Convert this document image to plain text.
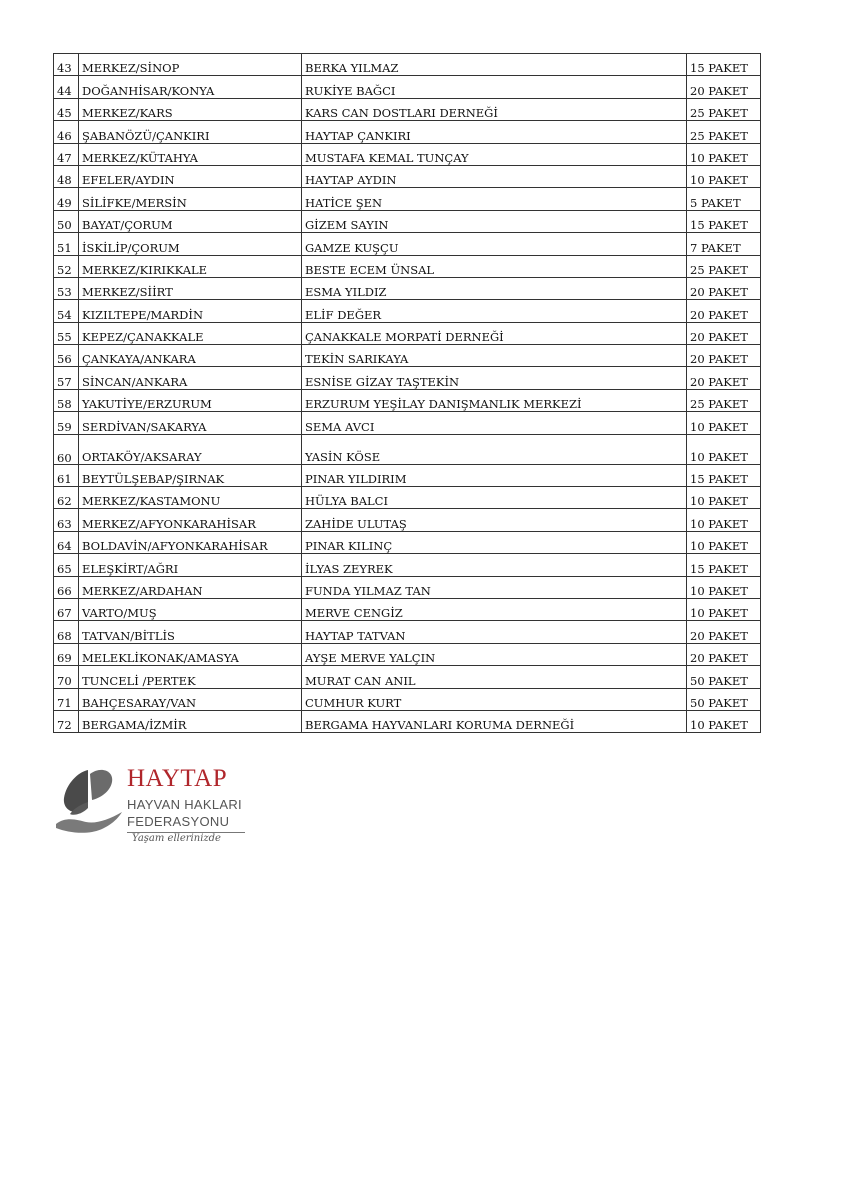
43	MERKEZ/SİNOP	BERKA YILMAZ	15 PAKET
44	DOĞANHİSAR/KONYA	RUKİYE BAĞCI	20 PAKET
45	MERKEZ/KARS	KARS CAN DOSTLARI DERNEĞİ	25 PAKET
46	ŞABANÖZÜ/ÇANKIRI	HAYTAP ÇANKIRI	25 PAKET
47	MERKEZ/KÜTAHYA	MUSTAFA KEMAL TUNÇAY	10 PAKET
48	EFELER/AYDIN	HAYTAP AYDIN	10 PAKET
49	SİLİFKE/MERSİN	HATİCE ŞEN	5 PAKET
50	BAYAT/ÇORUM	GİZEM SAYIN	15 PAKET
51	İSKİLİP/ÇORUM	GAMZE KUŞÇU	7 PAKET
52	MERKEZ/KIRIKKALE	BESTE ECEM ÜNSAL	25 PAKET
53	MERKEZ/SİİRT	ESMA YILDIZ	20 PAKET
54	KIZILTEPE/MARDİN	ELİF DEĞER	20 PAKET
55	KEPEZ/ÇANAKKALE	ÇANAKKALE MORPATİ DERNEĞİ	20 PAKET
56	ÇANKAYA/ANKARA	TEKİN SARIKAYA	20 PAKET
57	SİNCAN/ANKARA	ESNİSE GİZAY TAŞTEKİN	20 PAKET
58	YAKUTİYE/ERZURUM	ERZURUM YEŞİLAY DANIŞMANLIK MERKEZİ	25 PAKET
59	SERDİVAN/SAKARYA	SEMA AVCI	10 PAKET
60	ORTAKÖY/AKSARAY	YASİN KÖSE	10 PAKET
61	BEYTÜLŞEBAP/ŞIRNAK	PINAR YILDIRIM	15 PAKET
62	MERKEZ/KASTAMONU	HÜLYA BALCI	10 PAKET
63	MERKEZ/AFYONKARAHİSAR	ZAHİDE ULUTAŞ	10 PAKET
64	BOLDAVİN/AFYONKARAHİSAR	PINAR KILINÇ	10 PAKET
65	ELEŞKİRT/AĞRI	İLYAS ZEYREK	15 PAKET
66	MERKEZ/ARDAHAN	FUNDA YILMAZ TAN	10 PAKET
67	VARTO/MUŞ	MERVE CENGİZ	10 PAKET
68	TATVAN/BİTLİS	HAYTAP TATVAN	20 PAKET
69	MELEKLİKONAK/AMASYA	AYŞE MERVE YALÇIN	20 PAKET
70	TUNCELİ /PERTEK	MURAT CAN ANIL	50 PAKET
71	BAHÇESARAY/VAN	CUMHUR KURT	50 PAKET
72	BERGAMA/İZMİR	BERGAMA HAYVANLARI KORUMA DERNEĞİ	10 PAKET
HAYTAP
HAYVAN HAKLARI
FEDERASYONU
Yaşam ellerinizde
